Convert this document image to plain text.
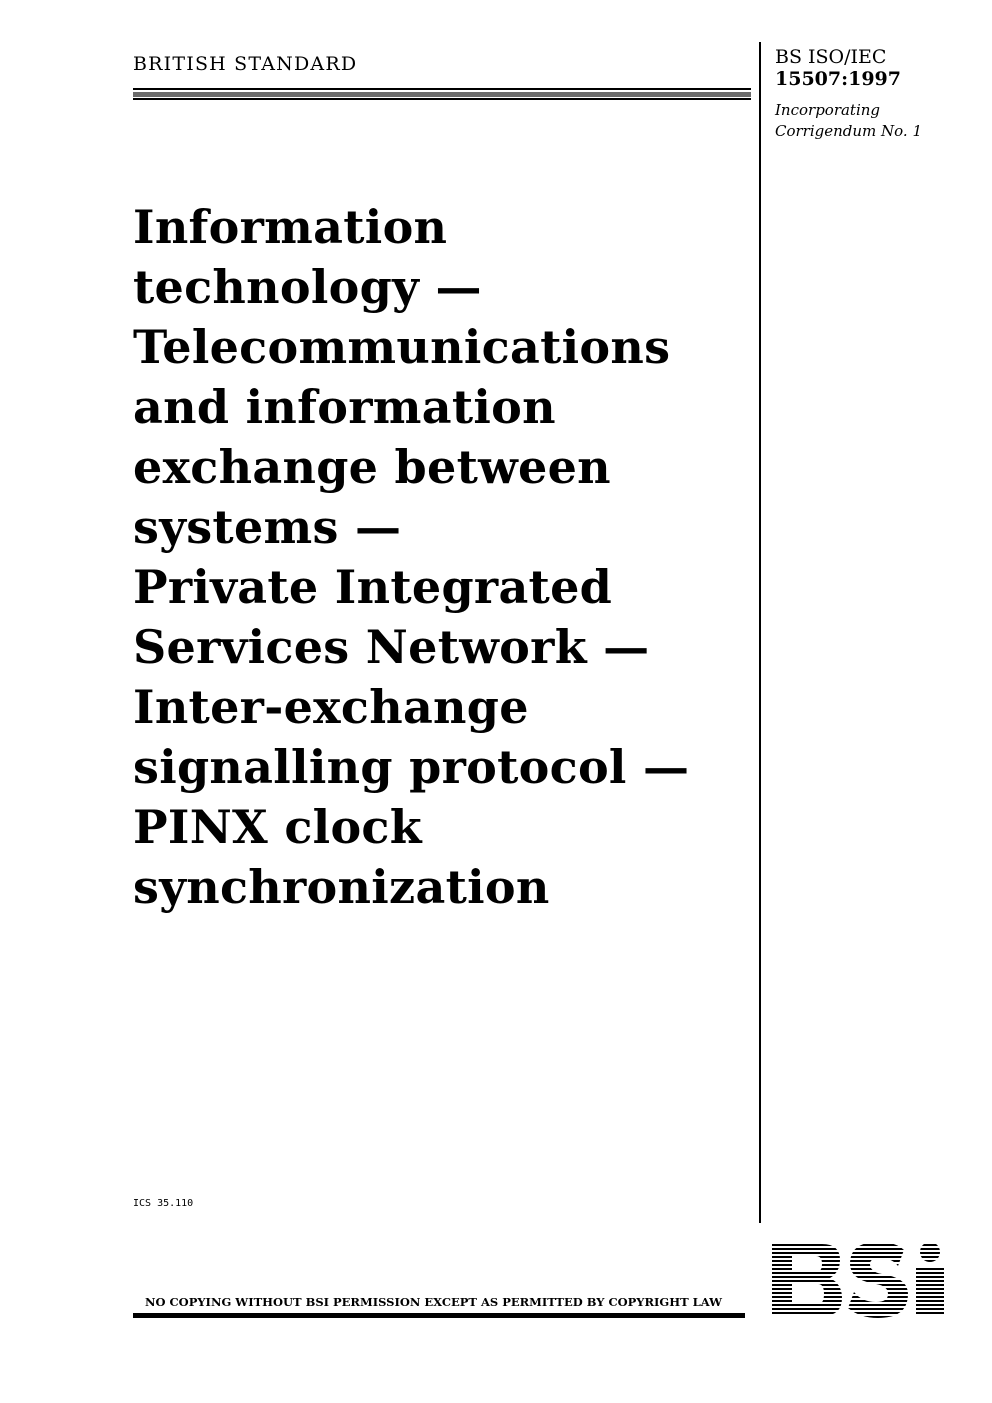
BRITISH STANDARD	BS ISO/IEC
15507:1997
Incorporating
Corrigendum No. 1
Information
technology —
Telecommunications
and information
exchange between
systems —
Private Integrated
Services Network —
Inter-exchange
signalling protocol —
PINX clock
synchronization
ICS 35.110
NO COPYING WITHOUT BSI PERMISSION EXCEPT AS PERMITTED BY COPYRIGHT LAW
